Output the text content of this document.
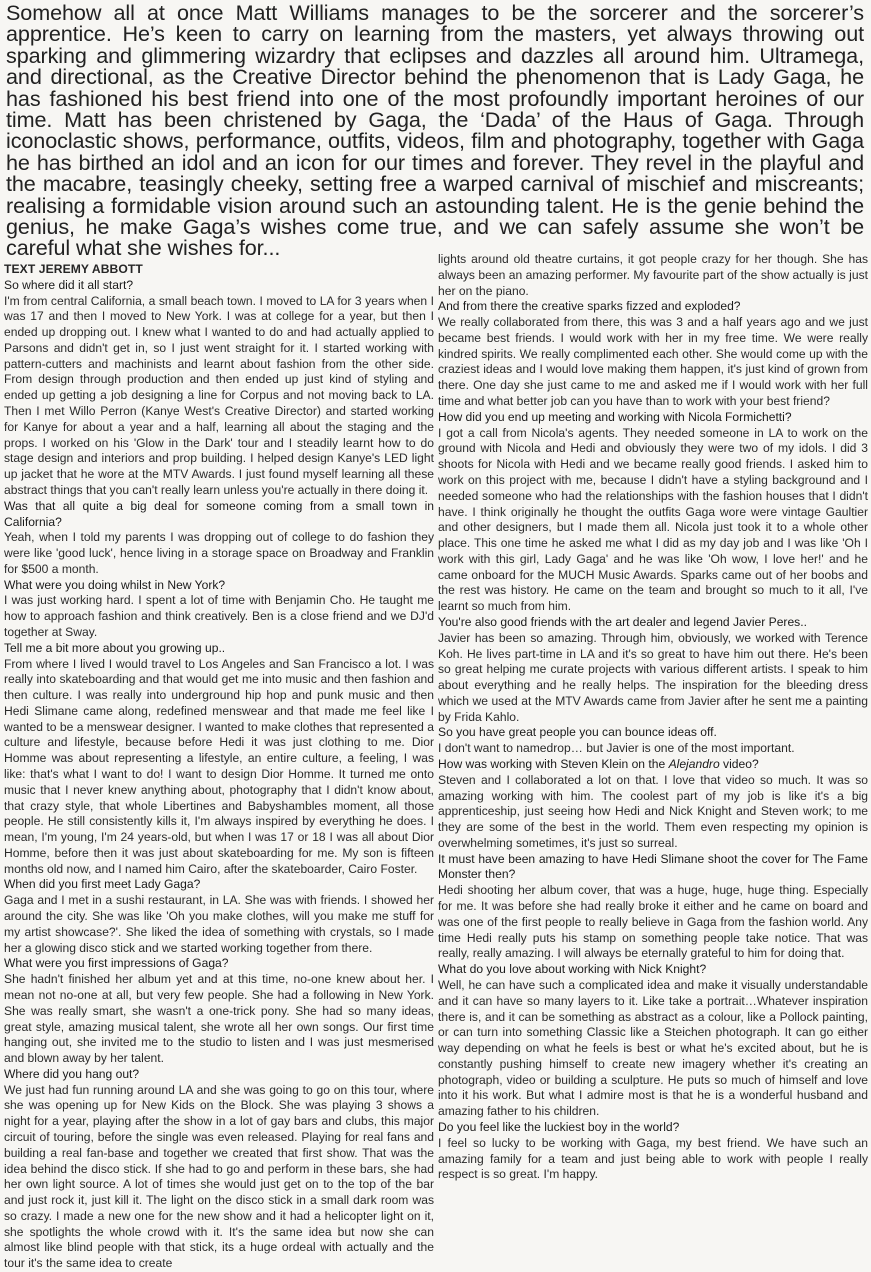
Somehow all at once Matt Williams manages to be the sorcerer and the sorcerer’s apprentice. He’s keen to carry on learning from the masters, yet always throwing out sparking and glimmering wizardry that eclipses and dazzles all around him. Ultramega, and directional, as the Creative Director behind the phenomenon that is Lady Gaga, he has fashioned his best friend into one of the most profoundly important heroines of our time. Matt has been christened by Gaga, the ‘Dada’ of the Haus of Gaga. Through iconoclastic shows, performance, outfits, videos, film and photography, together with Gaga he has birthed an idol and an icon for our times and forever. They revel in the playful and the macabre, teasingly cheeky, setting free a warped carnival of mischief and miscreants; realising a formidable vision around such an astounding talent. He is the genie behind the genius, he make Gaga’s wishes come true, and we can safely assume she won’t be careful what she wishes for...

TEXT JEREMY ABBOTT

So where did it all start?

I'm from central California, a small beach town. I moved to LA for 3 years when I was 17 and then I moved to New York. I was at college for a year, but then I ended up dropping out. I knew what I wanted to do and had actually applied to Parsons and didn't get in, so I just went straight for it. I started working with pattern-cutters and machinists and learnt about fashion from the other side. From design through production and then ended up just kind of styling and ended up getting a job designing a line for Corpus and not moving back to LA. Then I met Willo Perron (Kanye West's Creative Director) and started working for Kanye for about a year and a half, learning all about the staging and the props. I worked on his 'Glow in the Dark' tour and I steadily learnt how to do stage design and interiors and prop building. I helped design Kanye's LED light up jacket that he wore at the MTV Awards. I just found myself learning all these abstract things that you can't really learn unless you're actually in there doing it.

Was that all quite a big deal for someone coming from a small town in California?

Yeah, when I told my parents I was dropping out of college to do fashion they were like 'good luck', hence living in a storage space on Broadway and Franklin for $500 a month.

What were you doing whilst in New York?

I was just working hard. I spent a lot of time with Benjamin Cho. He taught me how to approach fashion and think creatively. Ben is a close friend and we DJ'd together at Sway.

Tell me a bit more about you growing up..

From where I lived I would travel to Los Angeles and San Francisco a lot. I was really into skateboarding and that would get me into music and then fashion and then culture. I was really into underground hip hop and punk music and then Hedi Slimane came along, redefined menswear and that made me feel like I wanted to be a menswear designer. I wanted to make clothes that represented a culture and lifestyle, because before Hedi it was just clothing to me. Dior Homme was about representing a lifestyle, an entire culture, a feeling, I was like: that's what I want to do! I want to design Dior Homme. It turned me onto music that I never knew anything about, photography that I didn't know about, that crazy style, that whole Libertines and Babyshambles moment, all those people. He still consistently kills it, I'm always inspired by everything he does. I mean, I'm young, I'm 24 years-old, but when I was 17 or 18 I was all about Dior Homme, before then it was just about skateboarding for me. My son is fifteen months old now, and I named him Cairo, after the skateboarder, Cairo Foster.

When did you first meet Lady Gaga?

Gaga and I met in a sushi restaurant, in LA. She was with friends. I showed her around the city. She was like 'Oh you make clothes, will you make me stuff for my artist showcase?'. She liked the idea of something with crystals, so I made her a glowing disco stick and we started working together from there.

What were you first impressions of Gaga?

She hadn't finished her album yet and at this time, no-one knew about her. I mean not no-one at all, but very few people. She had a following in New York. She was really smart, she wasn't a one-trick pony. She had so many ideas, great style, amazing musical talent, she wrote all her own songs. Our first time hanging out, she invited me to the studio to listen and I was just mesmerised and blown away by her talent.

Where did you hang out?

We just had fun running around LA and she was going to go on this tour, where she was opening up for New Kids on the Block. She was playing 3 shows a night for a year, playing after the show in a lot of gay bars and clubs, this major circuit of touring, before the single was even released. Playing for real fans and building a real fan-base and together we created that first show. That was the idea behind the disco stick. If she had to go and perform in these bars, she had her own light source. A lot of times she would just get on to the top of the bar and just rock it, just kill it. The light on the disco stick in a small dark room was so crazy. I made a new one for the new show and it had a helicopter light on it, she spotlights the whole crowd with it. It's the same idea but now she can almost like blind people with that stick, its a huge ordeal with actually and the tour it's the same idea to create

lights around old theatre curtains, it got people crazy for her though. She has always been an amazing performer. My favourite part of the show actually is just her on the piano.

And from there the creative sparks fizzed and exploded?

We really collaborated from there, this was 3 and a half years ago and we just became best friends. I would work with her in my free time. We were really kindred spirits. We really complimented each other. She would come up with the craziest ideas and I would love making them happen, it's just kind of grown from there. One day she just came to me and asked me if I would work with her full time and what better job can you have than to work with your best friend?

How did you end up meeting and working with Nicola Formichetti?

I got a call from Nicola's agents. They needed someone in LA to work on the ground with Nicola and Hedi and obviously they were two of my idols. I did 3 shoots for Nicola with Hedi and we became really good friends. I asked him to work on this project with me, because I didn't have a styling background and I needed someone who had the relationships with the fashion houses that I didn't have. I think originally he thought the outfits Gaga wore were vintage Gaultier and other designers, but I made them all. Nicola just took it to a whole other place. This one time he asked me what I did as my day job and I was like 'Oh I work with this girl, Lady Gaga' and he was like 'Oh wow, I love her!' and he came onboard for the MUCH Music Awards. Sparks came out of her boobs and the rest was history. He came on the team and brought so much to it all, I've learnt so much from him.

You're also good friends with the art dealer and legend Javier Peres..

Javier has been so amazing. Through him, obviously, we worked with Terence Koh. He lives part-time in LA and it's so great to have him out there. He's been so great helping me curate projects with various different artists. I speak to him about everything and he really helps. The inspiration for the bleeding dress which we used at the MTV Awards came from Javier after he sent me a painting by Frida Kahlo.

So you have great people you can bounce ideas off.

I don't want to namedrop… but Javier is one of the most important.

How was working with Steven Klein on the Alejandro video?

Steven and I collaborated a lot on that. I love that video so much. It was so amazing working with him. The coolest part of my job is like it's a big apprenticeship, just seeing how Hedi and Nick Knight and Steven work; to me they are some of the best in the world. Them even respecting my opinion is overwhelming sometimes, it's just so surreal.

It must have been amazing to have Hedi Slimane shoot the cover for The Fame Monster then?

Hedi shooting her album cover, that was a huge, huge, huge thing. Especially for me. It was before she had really broke it either and he came on board and was one of the first people to really believe in Gaga from the fashion world. Any time Hedi really puts his stamp on something people take notice. That was really, really amazing. I will always be eternally grateful to him for doing that.

What do you love about working with Nick Knight?

Well, he can have such a complicated idea and make it visually understandable and it can have so many layers to it. Like take a portrait…Whatever inspiration there is, and it can be something as abstract as a colour, like a Pollock painting, or can turn into something Classic like a Steichen photograph. It can go either way depending on what he feels is best or what he's excited about, but he is constantly pushing himself to create new imagery whether it's creating an photograph, video or building a sculpture. He puts so much of himself and love into it his work. But what I admire most is that he is a wonderful husband and amazing father to his children.

Do you feel like the luckiest boy in the world?

I feel so lucky to be working with Gaga, my best friend. We have such an amazing family for a team and just being able to work with people I really respect is so great. I'm happy.
